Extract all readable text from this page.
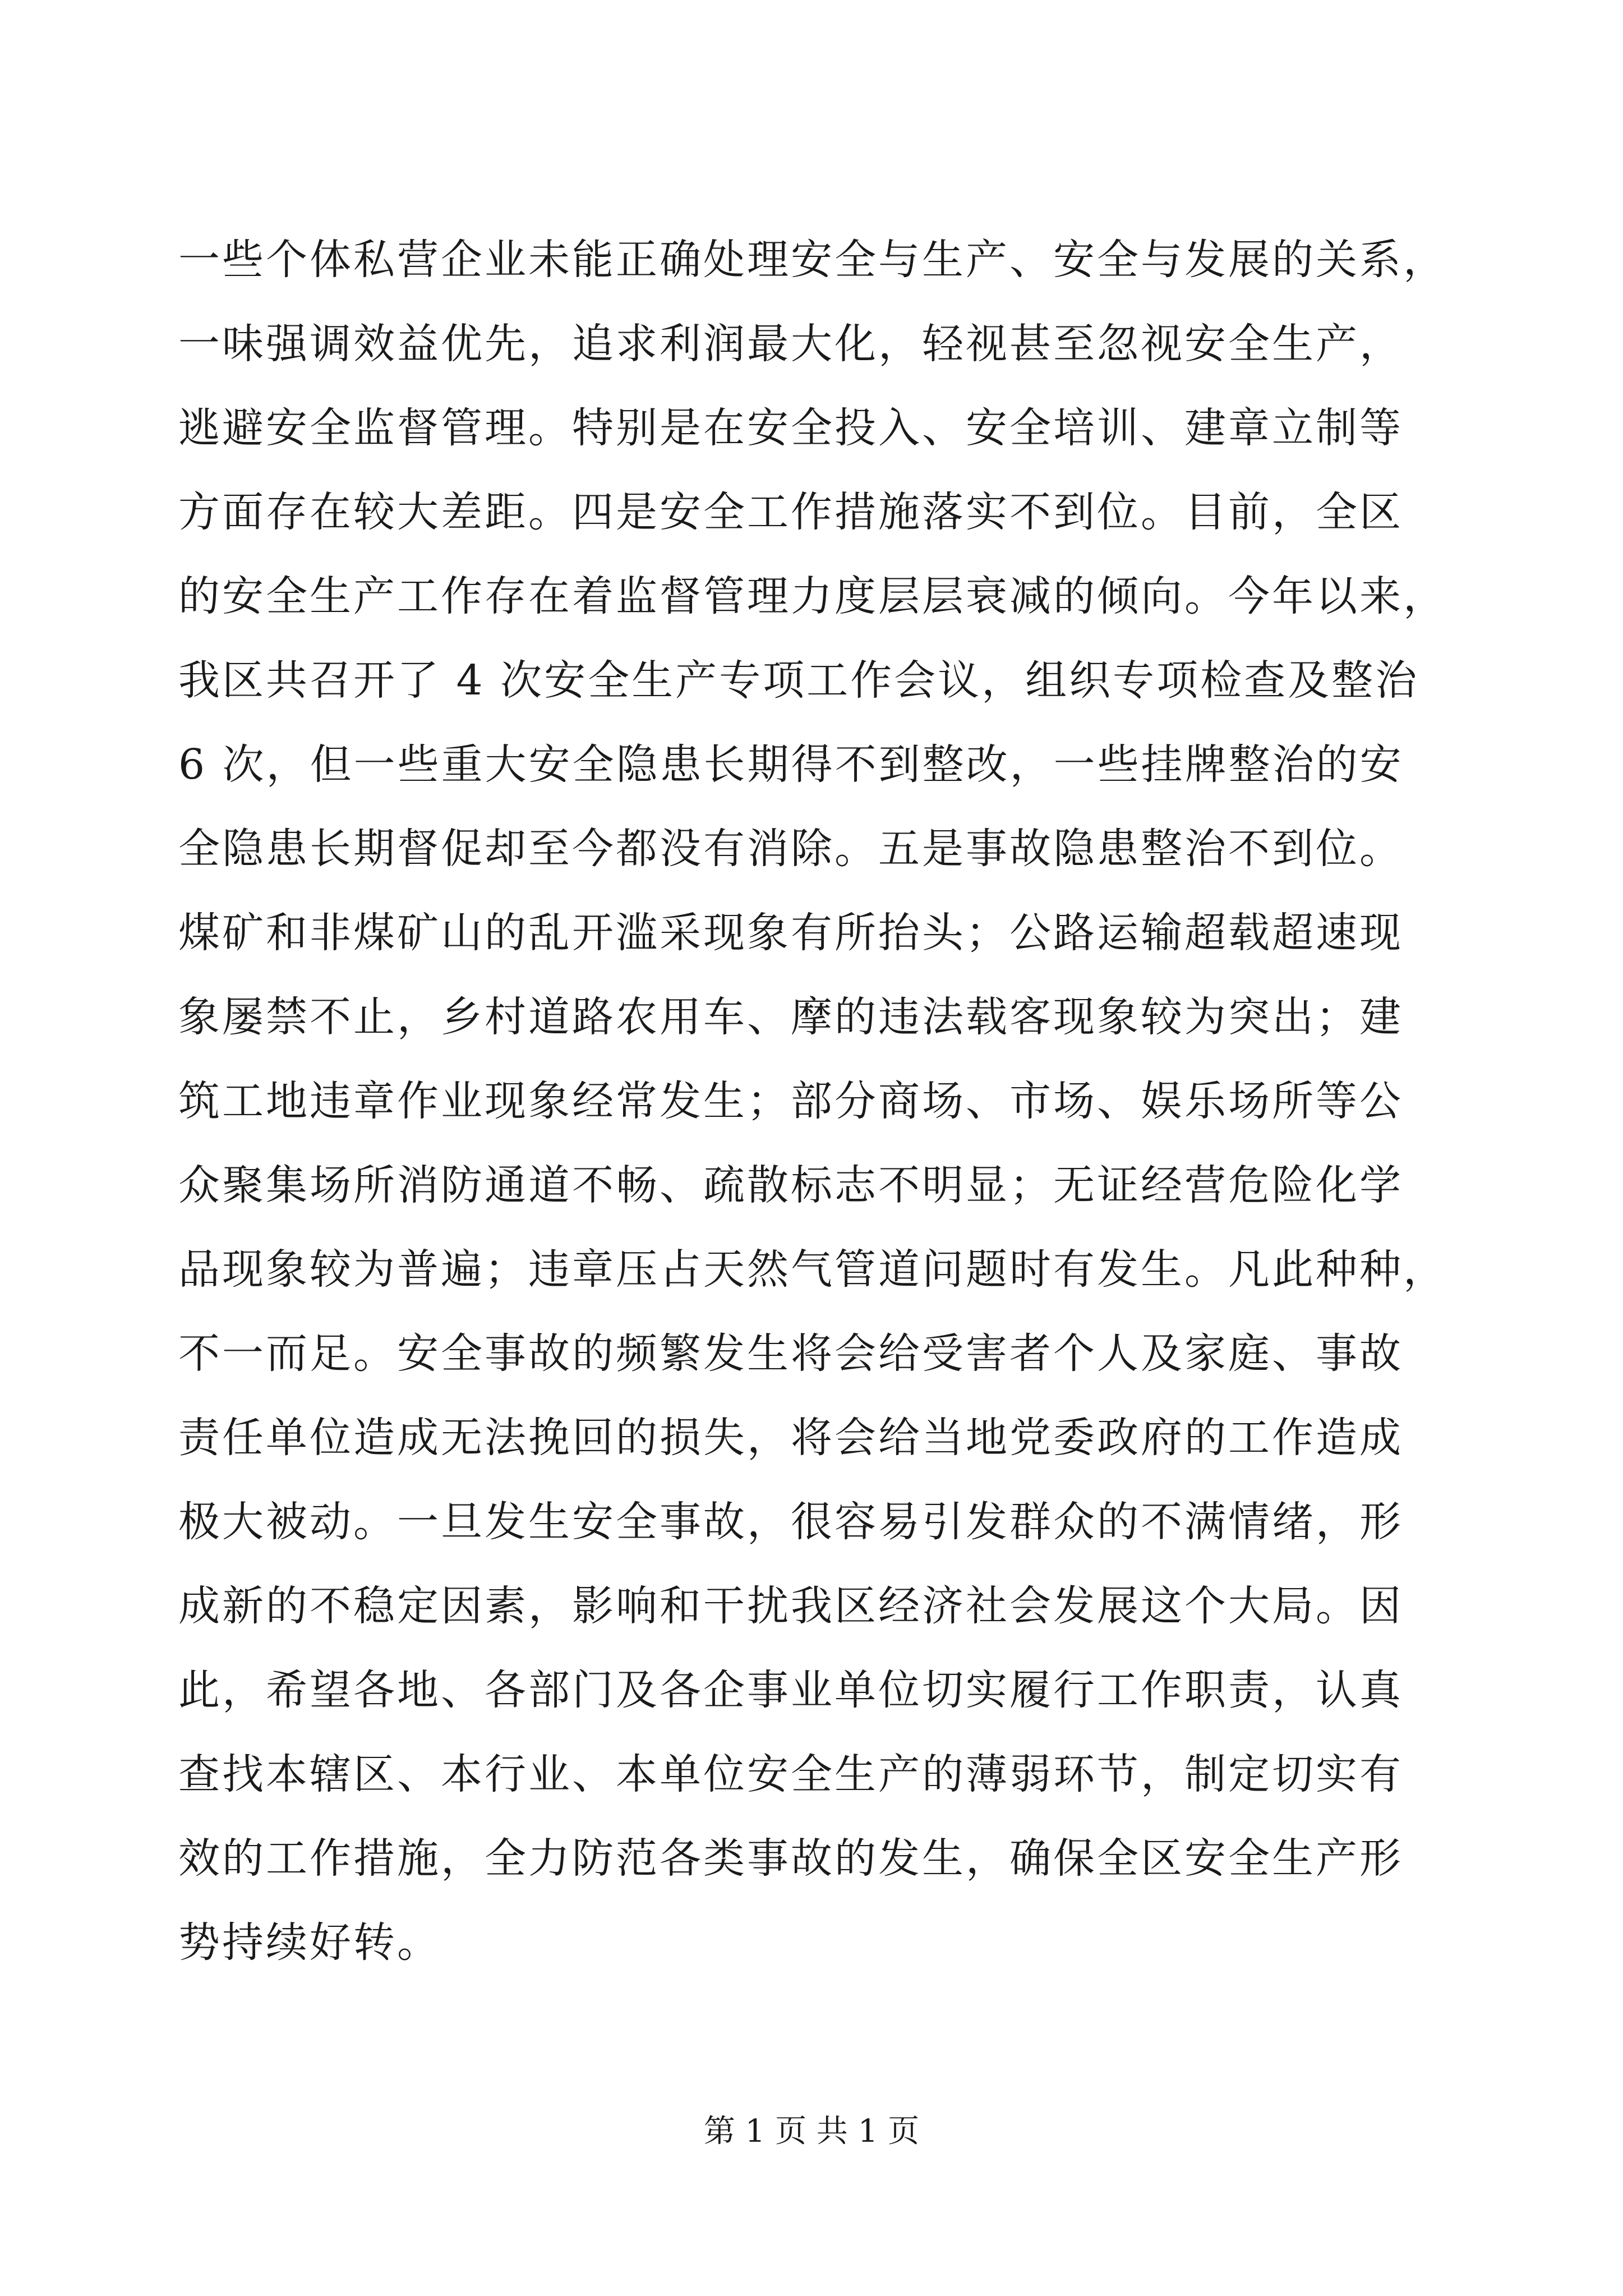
一些个体私营企业未能正确处理安全与生产、安全与发展的关系，
一味强调效益优先，追求利润最大化，轻视甚至忽视安全生产，
逃避安全监督管理。特别是在安全投入、安全培训、建章立制等
方面存在较大差距。四是安全工作措施落实不到位。目前，全区
的安全生产工作存在着监督管理力度层层衰减的倾向。今年以来，
我区共召开了 4 次安全生产专项工作会议，组织专项检查及整治
6 次，但一些重大安全隐患长期得不到整改，一些挂牌整治的安
全隐患长期督促却至今都没有消除。五是事故隐患整治不到位。
煤矿和非煤矿山的乱开滥采现象有所抬头；公路运输超载超速现
象屡禁不止，乡村道路农用车、摩的违法载客现象较为突出；建
筑工地违章作业现象经常发生；部分商场、市场、娱乐场所等公
众聚集场所消防通道不畅、疏散标志不明显；无证经营危险化学
品现象较为普遍；违章压占天然气管道问题时有发生。凡此种种，
不一而足。安全事故的频繁发生将会给受害者个人及家庭、事故
责任单位造成无法挽回的损失，将会给当地党委政府的工作造成
极大被动。一旦发生安全事故，很容易引发群众的不满情绪，形
成新的不稳定因素，影响和干扰我区经济社会发展这个大局。因
此，希望各地、各部门及各企事业单位切实履行工作职责，认真
查找本辖区、本行业、本单位安全生产的薄弱环节，制定切实有
效的工作措施，全力防范各类事故的发生，确保全区安全生产形
势持续好转。
第 1 页 共 1 页
